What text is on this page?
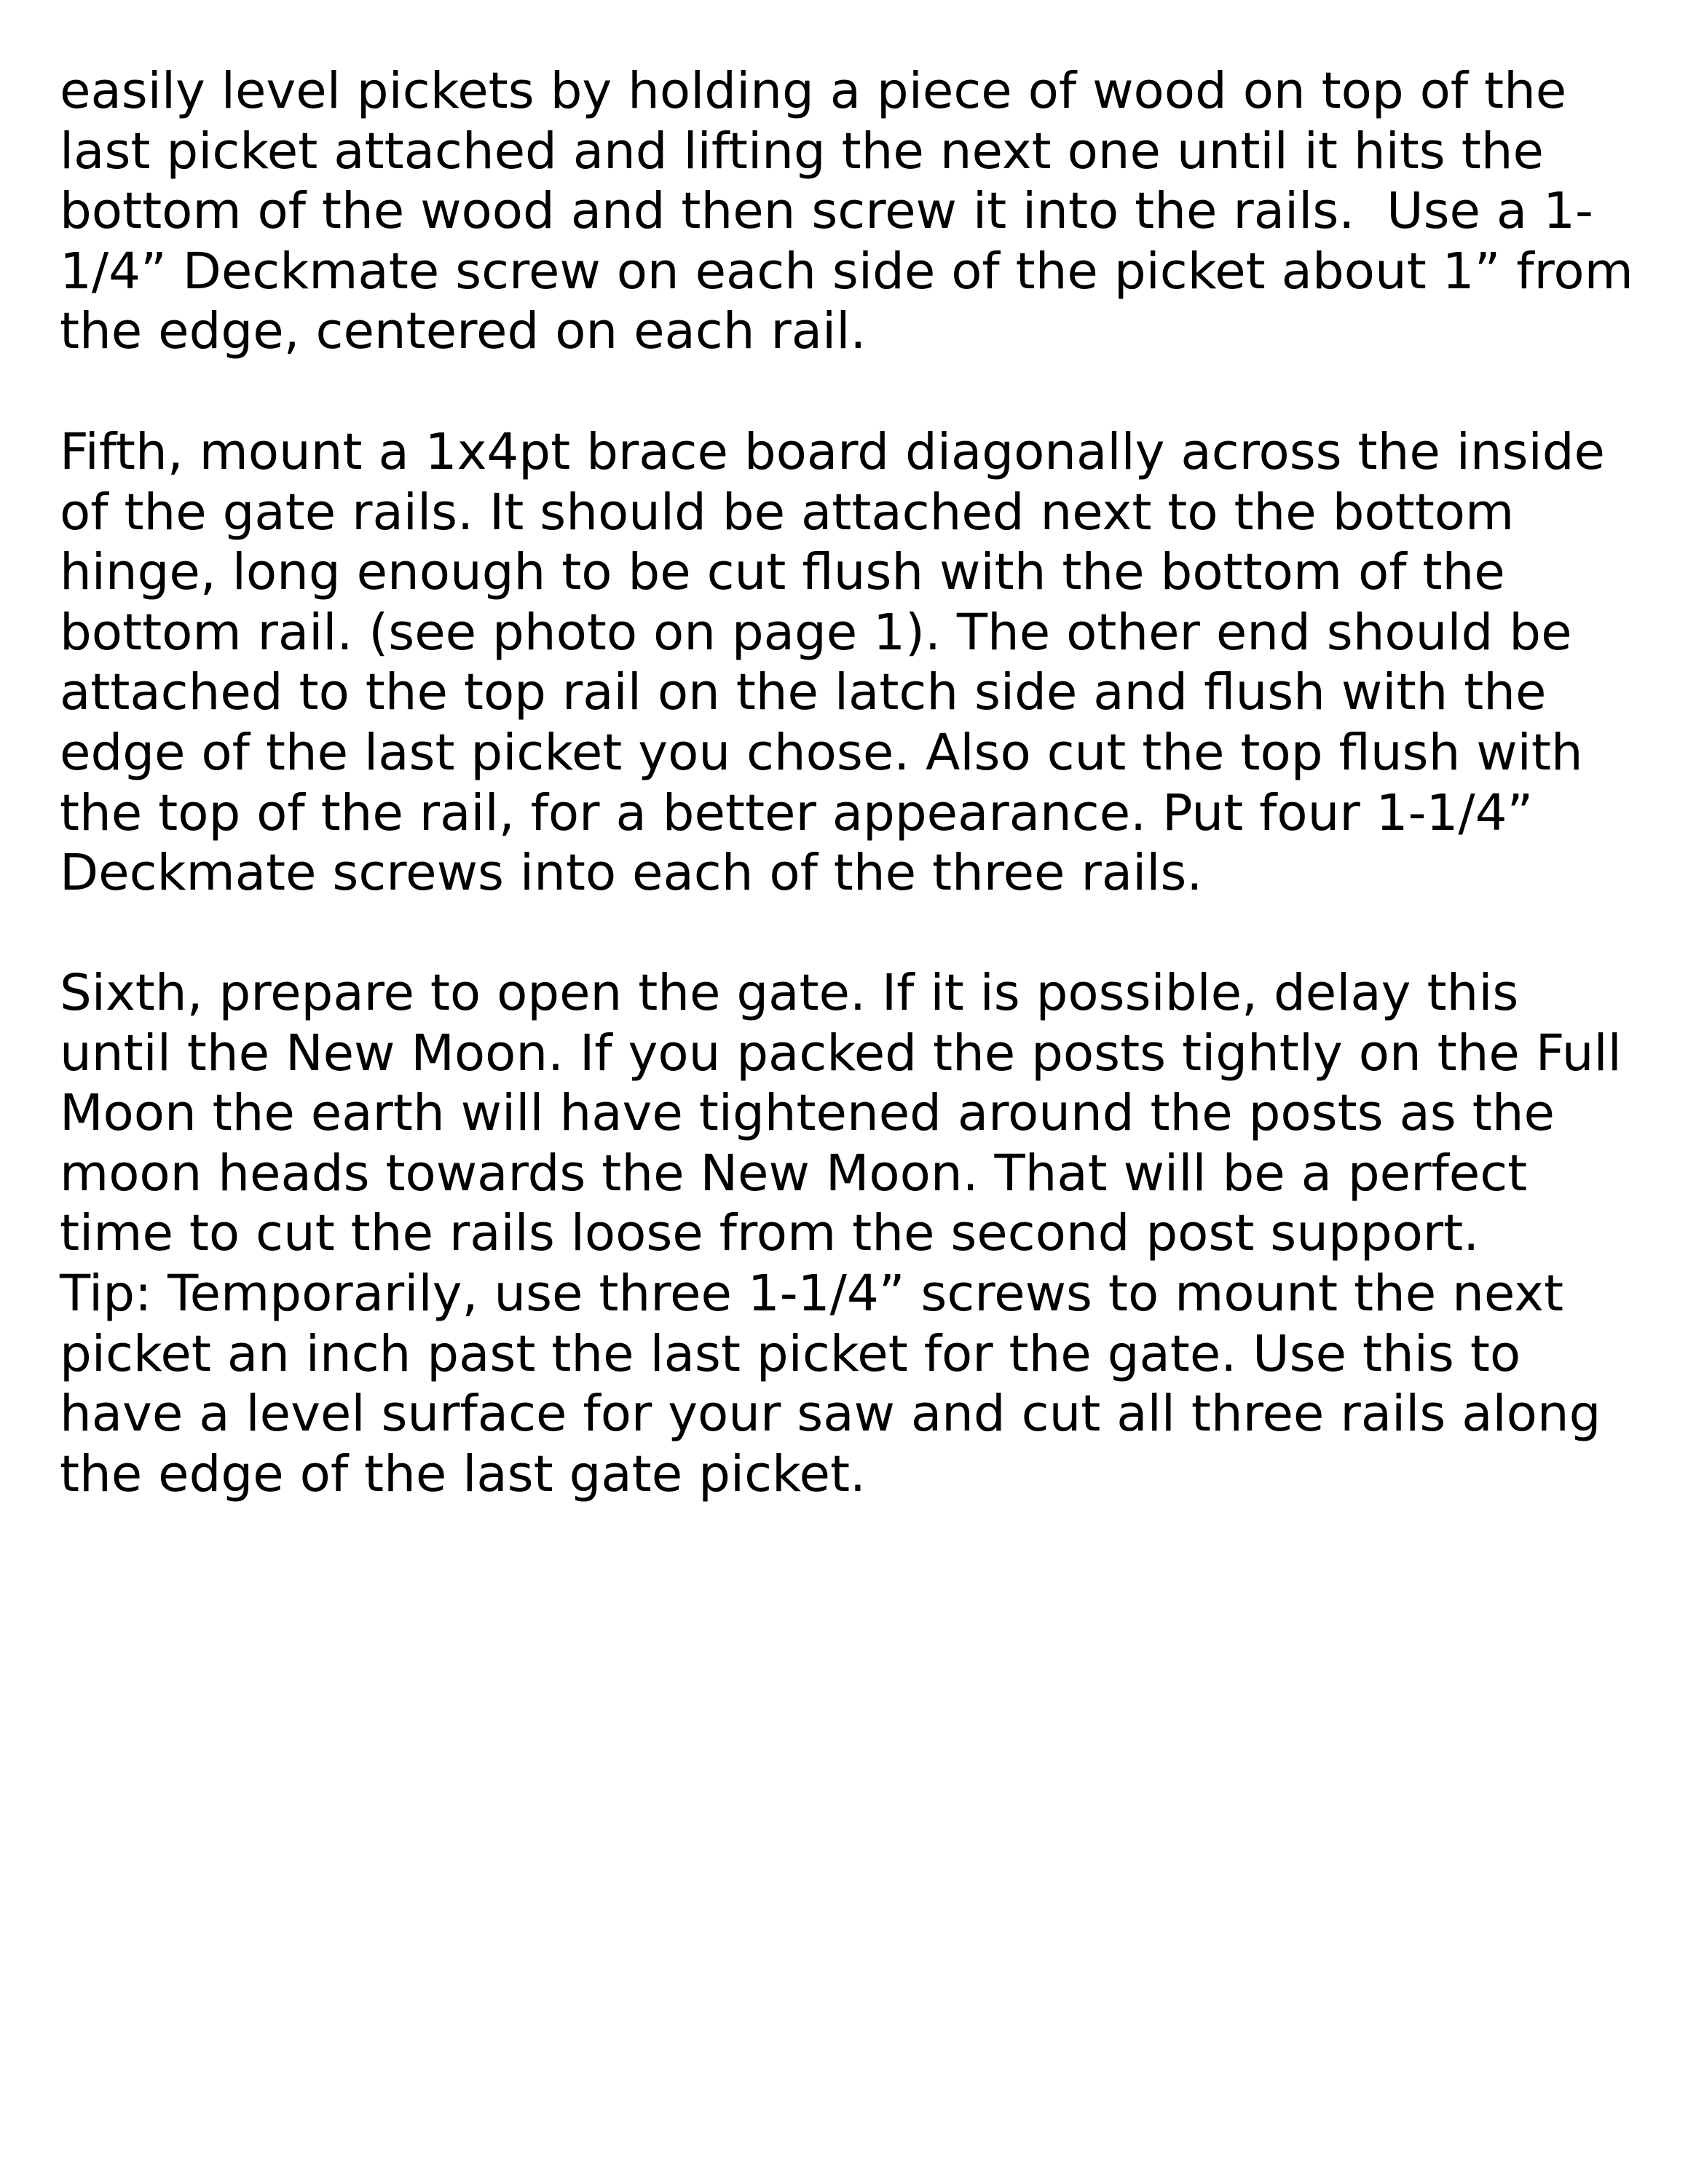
easily level pickets by holding a piece of wood on top of the
last picket attached and lifting the next one until it hits the
bottom of the wood and then screw it into the rails.  Use a 1-
1/4” Deckmate screw on each side of the picket about 1” from
the edge, centered on each rail.

Fifth, mount a 1x4pt brace board diagonally across the inside
of the gate rails. It should be attached next to the bottom
hinge, long enough to be cut flush with the bottom of the
bottom rail. (see photo on page 1). The other end should be
attached to the top rail on the latch side and flush with the
edge of the last picket you chose. Also cut the top flush with
the top of the rail, for a better appearance. Put four 1-1/4”
Deckmate screws into each of the three rails.

Sixth, prepare to open the gate. If it is possible, delay this
until the New Moon. If you packed the posts tightly on the Full
Moon the earth will have tightened around the posts as the
moon heads towards the New Moon. That will be a perfect
time to cut the rails loose from the second post support.
Tip: Temporarily, use three 1-1/4” screws to mount the next
picket an inch past the last picket for the gate. Use this to
have a level surface for your saw and cut all three rails along
the edge of the last gate picket.
